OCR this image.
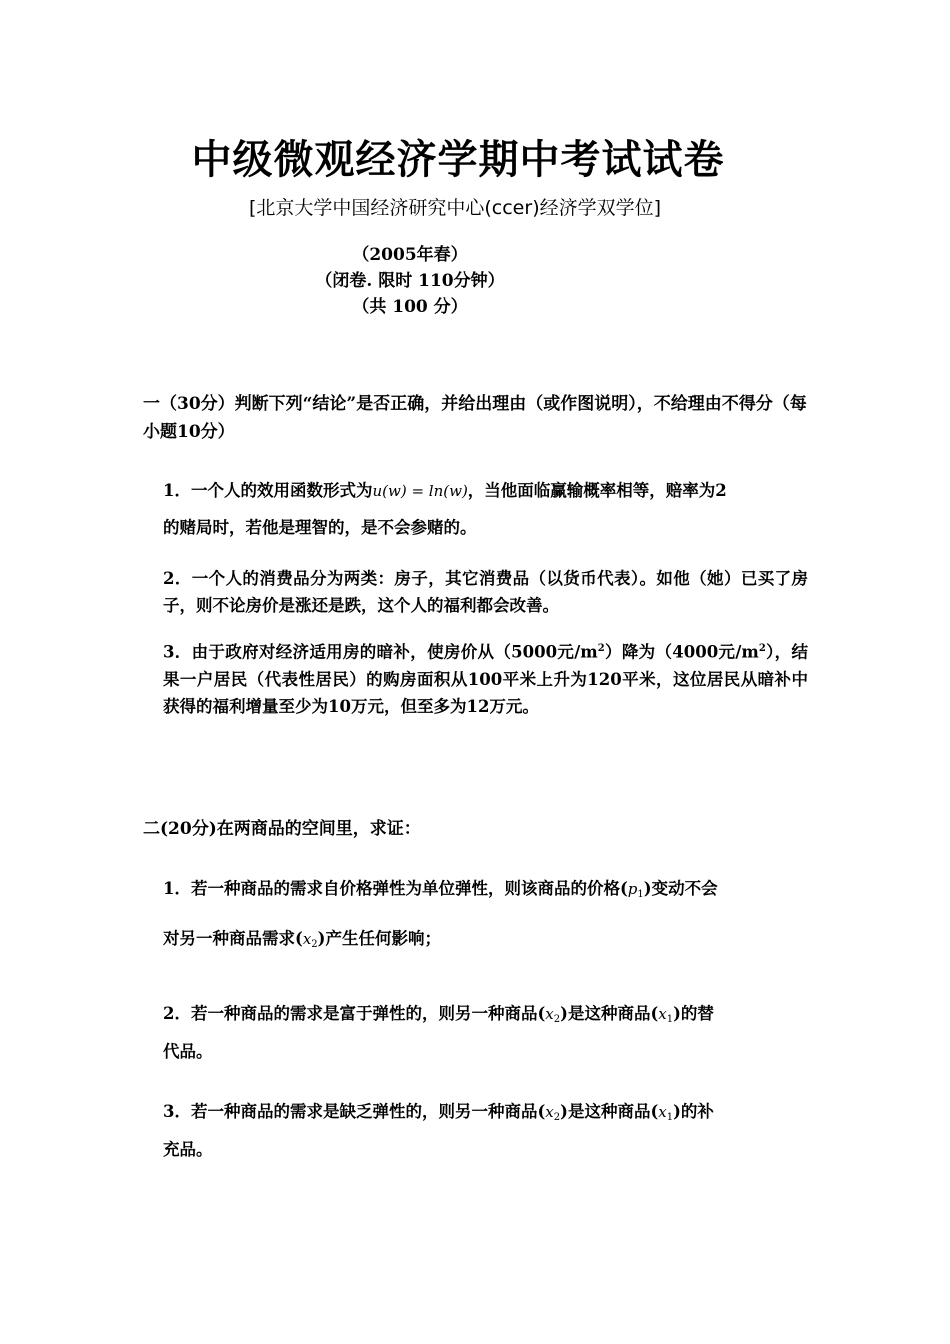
中级微观经济学期中考试试卷
[北京大学中国经济研究中心(ccer)经济学双学位]
（2005年春）
（闭卷. 限时 110分钟）
（共 100 分）
一（30分）判断下列“结论”是否正确，并给出理由（或作图说明），不给理由不得分（每小题10分）
1．一个人的效用函数形式为u(w) = ln(w)，当他面临赢输概率相等，赔率为2
的赌局时，若他是理智的，是不会参赌的。
2．一个人的消费品分为两类：房子，其它消费品（以货币代表）。如他（她）已买了房子，则不论房价是涨还是跌，这个人的福利都会改善。
3．由于政府对经济适用房的暗补，使房价从（5000元$/m^2$）降为（4000元$/m^2$），结果一户居民（代表性居民）的购房面积从100平米上升为120平米，这位居民从暗补中获得的福利增量至少为10万元，但至多为12万元。
二(20分)在两商品的空间里，求证：
1．若一种商品的需求自价格弹性为单位弹性，则该商品的价格$(p_1)$变动不会
对另一种商品需求$(x_2)$产生任何影响；
2．若一种商品的需求是富于弹性的，则另一种商品$(x_2)$是这种商品$(x_1)$的替
代品。
3．若一种商品的需求是缺乏弹性的，则另一种商品$(x_2)$是这种商品$(x_1)$的补
充品。
